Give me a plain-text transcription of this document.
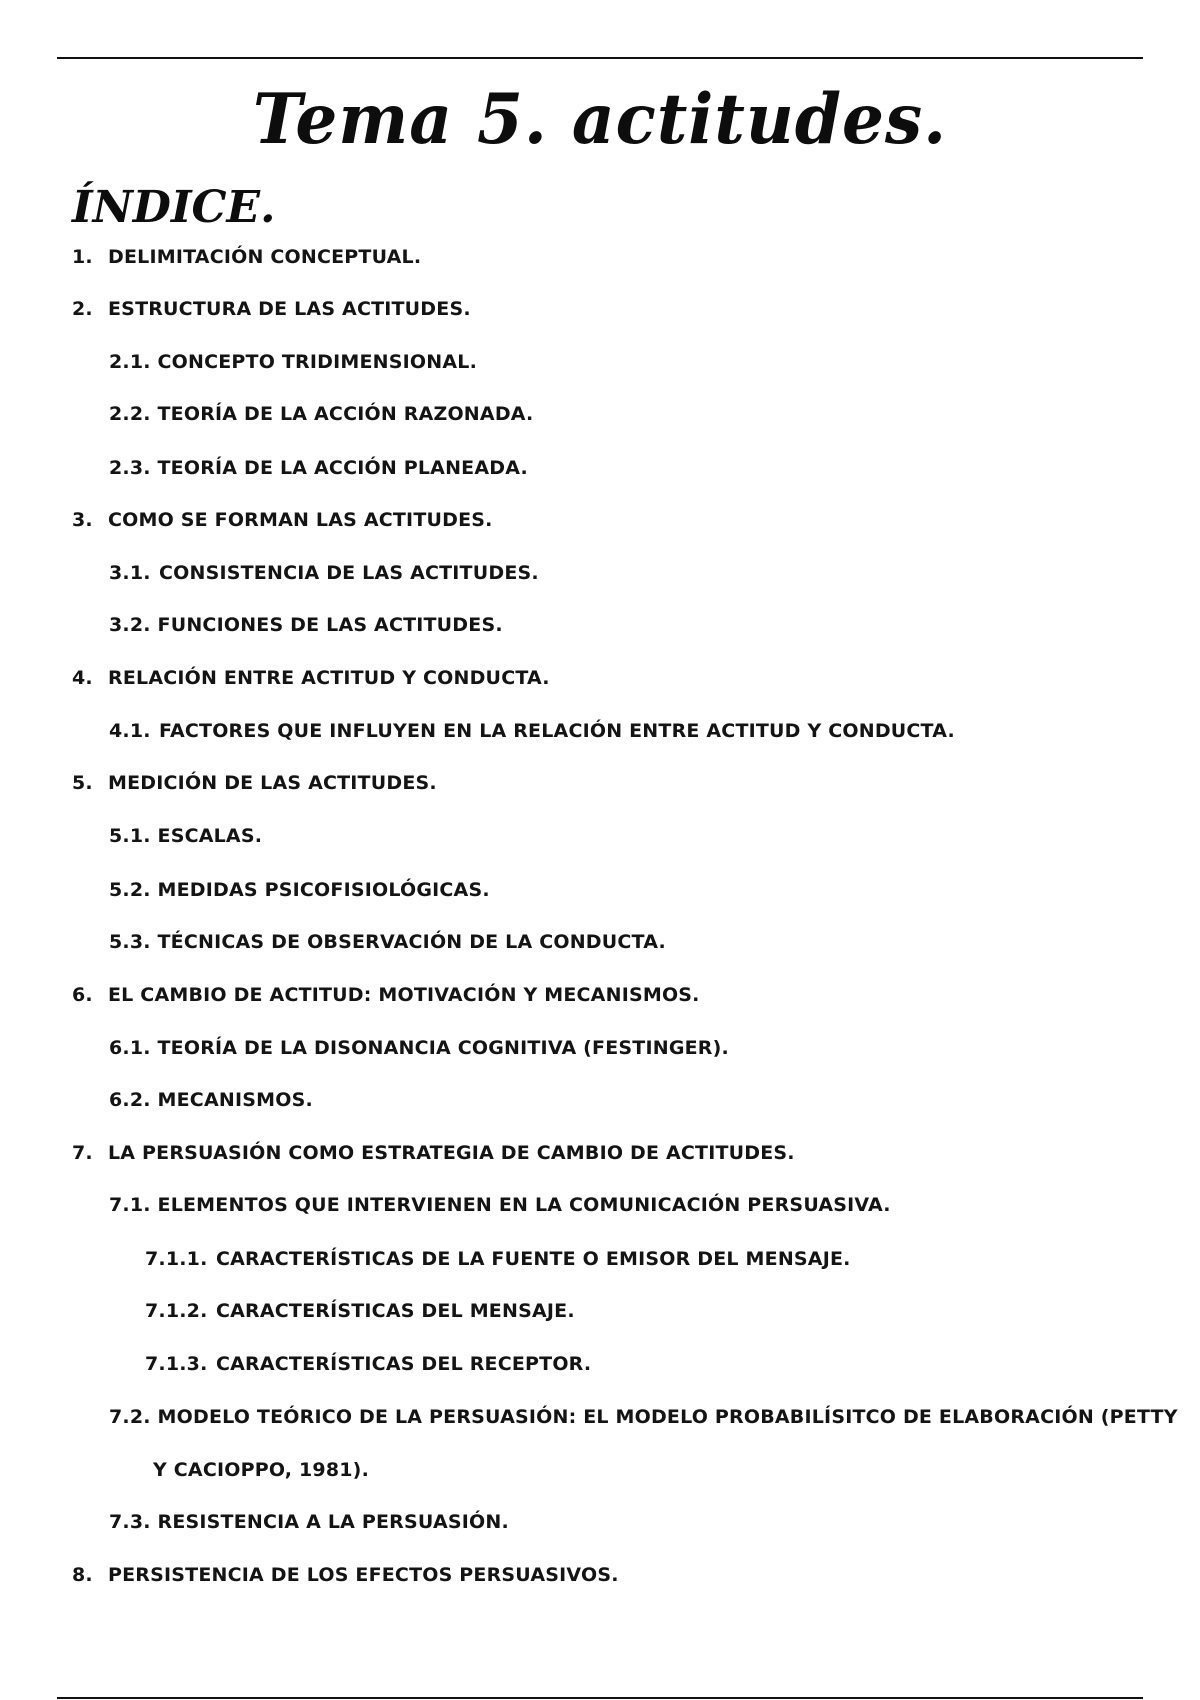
Tema 5. actitudes.
ÍNDICE.
1. DELIMITACIÓN CONCEPTUAL.
2. ESTRUCTURA DE LAS ACTITUDES.
2.1. CONCEPTO TRIDIMENSIONAL.
2.2. TEORÍA DE LA ACCIÓN RAZONADA.
2.3. TEORÍA DE LA ACCIÓN PLANEADA.
3. COMO SE FORMAN LAS ACTITUDES.
3.1. CONSISTENCIA DE LAS ACTITUDES.
3.2. FUNCIONES DE LAS ACTITUDES.
4. RELACIÓN ENTRE ACTITUD Y CONDUCTA.
4.1. FACTORES QUE INFLUYEN EN LA RELACIÓN ENTRE ACTITUD Y CONDUCTA.
5. MEDICIÓN DE LAS ACTITUDES.
5.1. ESCALAS.
5.2. MEDIDAS PSICOFISIOLÓGICAS.
5.3. TÉCNICAS DE OBSERVACIÓN DE LA CONDUCTA.
6. EL CAMBIO DE ACTITUD: MOTIVACIÓN Y MECANISMOS.
6.1. TEORÍA DE LA DISONANCIA COGNITIVA (FESTINGER).
6.2. MECANISMOS.
7. LA PERSUASIÓN COMO ESTRATEGIA DE CAMBIO DE ACTITUDES.
7.1. ELEMENTOS QUE INTERVIENEN EN LA COMUNICACIÓN PERSUASIVA.
7.1.1. CARACTERÍSTICAS DE LA FUENTE O EMISOR DEL MENSAJE.
7.1.2. CARACTERÍSTICAS DEL MENSAJE.
7.1.3. CARACTERÍSTICAS DEL RECEPTOR.
7.2. MODELO TEÓRICO DE LA PERSUASIÓN: EL MODELO PROBABILÍSITCO DE ELABORACIÓN (PETTY
Y CACIOPPO, 1981).
7.3. RESISTENCIA A LA PERSUASIÓN.
8. PERSISTENCIA DE LOS EFECTOS PERSUASIVOS.
